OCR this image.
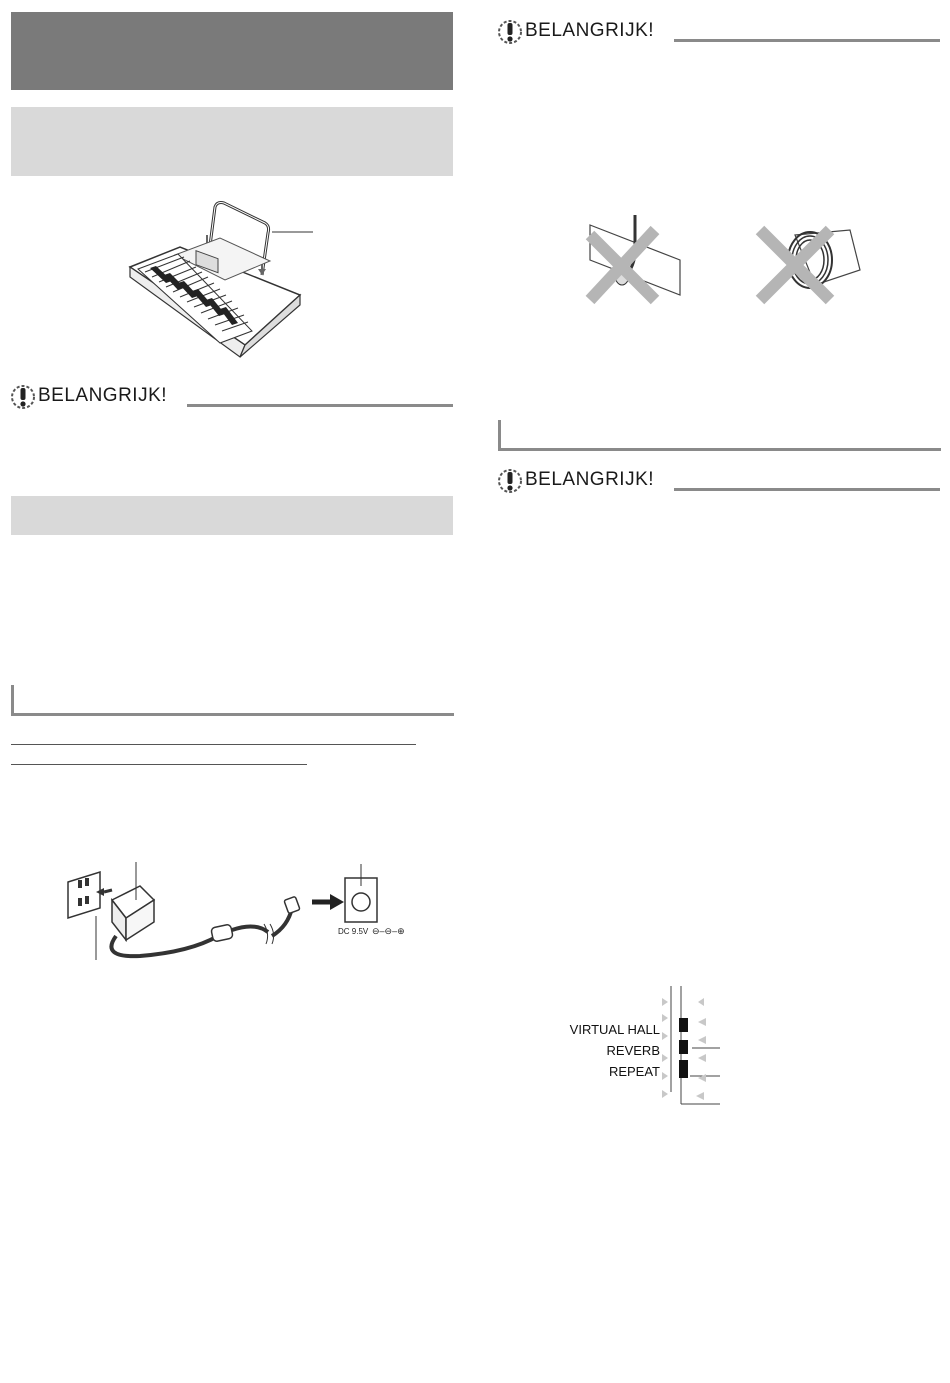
BELANGRIJK!
DC 9.5V ⊖–⊖–⊕
BELANGRIJK!
BELANGRIJK!
VIRTUAL HALL
REVERB
REPEAT
